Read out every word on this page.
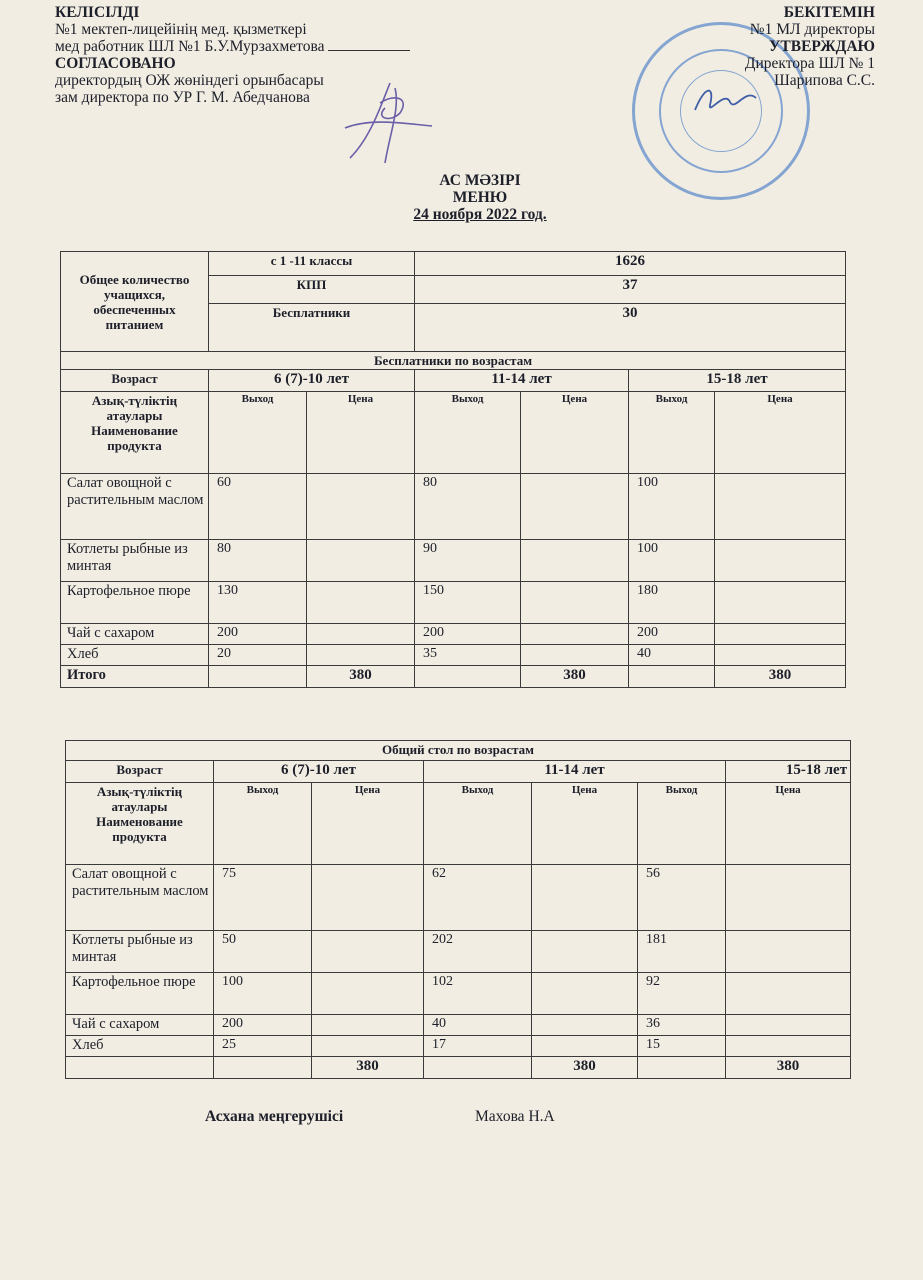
КЕЛІСІЛДІ
№1 мектеп-лицейінің мед. қызметкері
мед работник ШЛ №1 Б.У.Мурзахметова
СОГЛАСОВАНО
директордың ОЖ жөніндегі орынбасары
зам директора по УР Г. М. Абедчанова
БЕКІТЕМІН
№1 МЛ директоры
УТВЕРЖДАЮ
Директора ШЛ № 1
Шарипова С.С.
АС МӘЗІРІ
МЕНЮ
24 ноября 2022 год.
Общее количество учащихся, обеспеченных питанием	с 1 -11 классы		1626			
	КПП		37			
	Бесплатники		30			
Бесплатники по возрастам						
Возраст	6 (7)-10 лет		11-14 лет		15-18 лет	
Азық-түліктің атаулары Наименование продукта	Выход	Цена	Выход	Цена	Выход	Цена
Салат овощной с растительным маслом	60		80		100	
Котлеты рыбные из минтая	80		90		100	
Картофельное пюре	130		150		180	
Чай с сахаром	200		200		200	
Хлеб	20		35		40	
Итого		380		380		380
Общий стол по возрастам						
Возраст	6 (7)-10 лет		11-14 лет			15-18 лет
Азық-түліктің атаулары Наименование продукта	Выход	Цена	Выход	Цена	Выход	Цена
Салат овощной с растительным маслом	75		62		56	
Котлеты рыбные из минтая	50		202		181	
Картофельное пюре	100		102		92	
Чай с сахаром	200		40		36	
Хлеб	25		17		15	
		380		380		380
Асхана меңгерушісі	Махова Н.А
